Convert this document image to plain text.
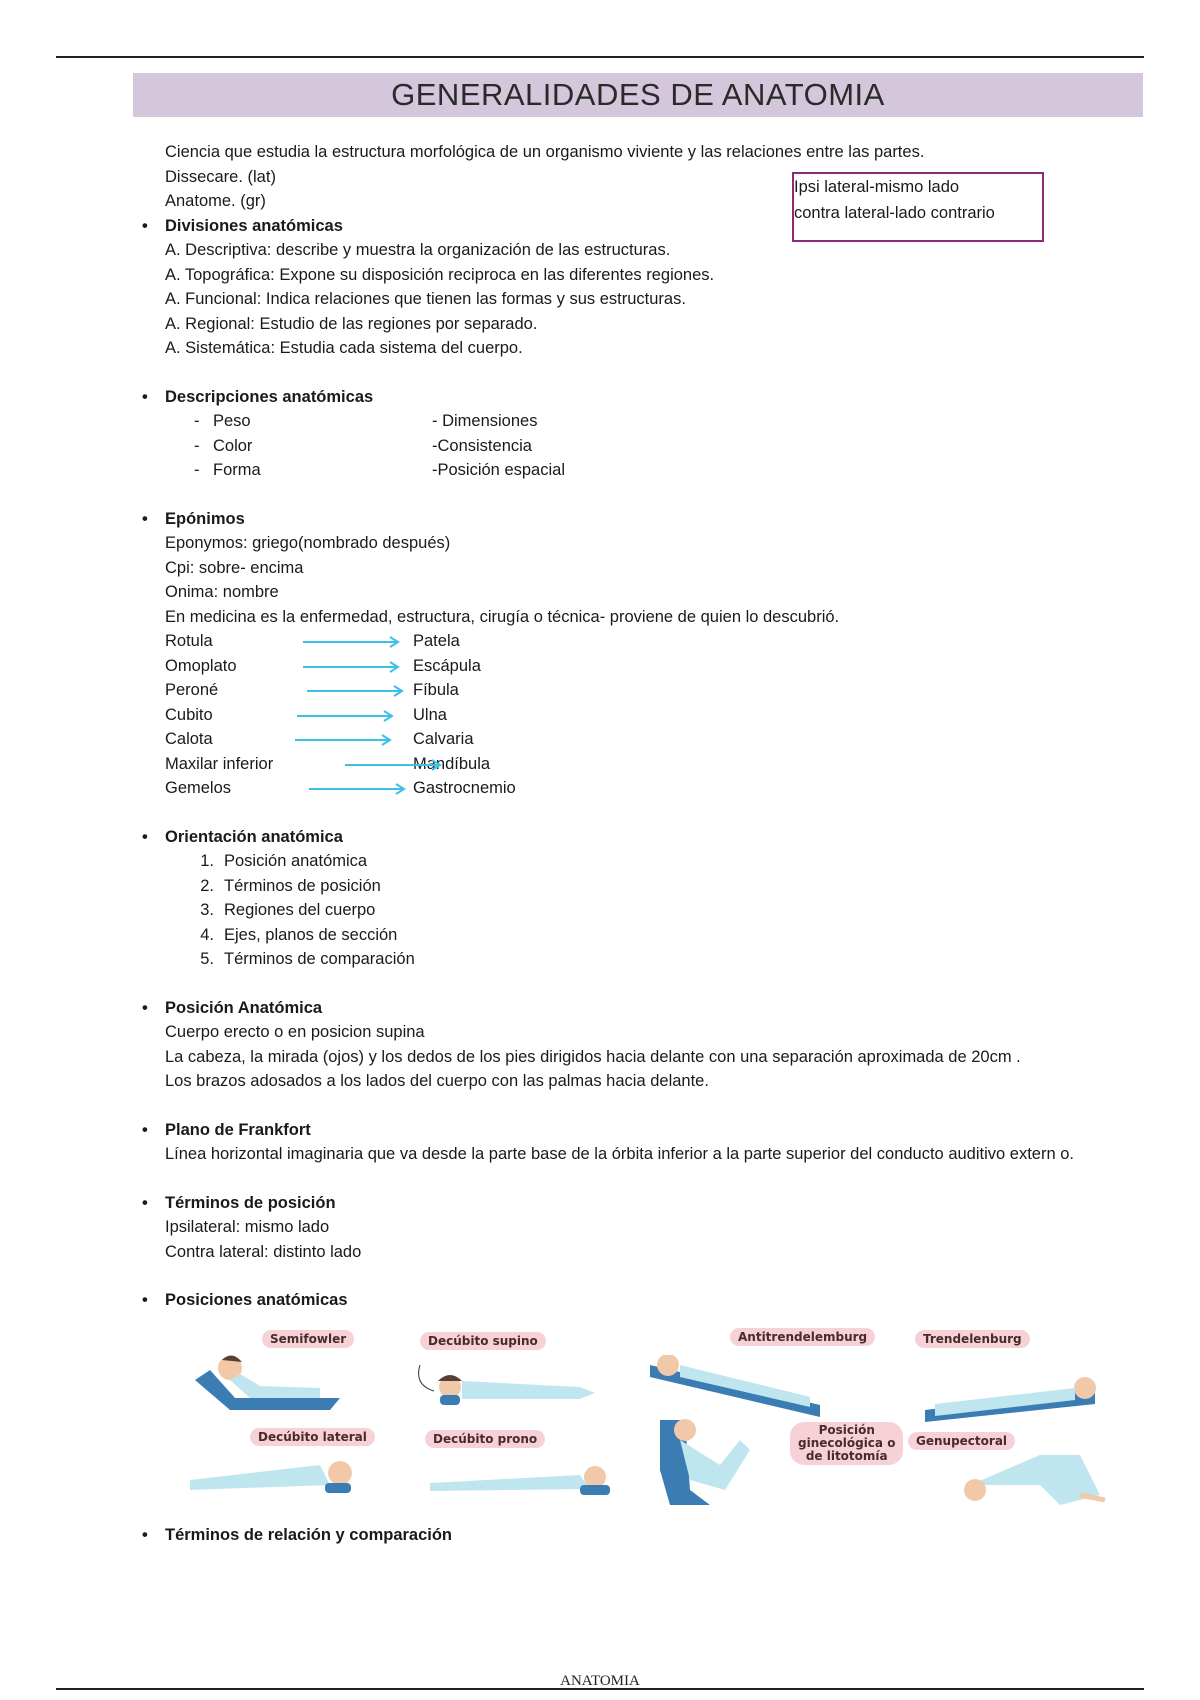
GENERALIDADES DE ANATOMIA
Ipsi lateral-mismo lado
contra lateral-lado contrario
Ciencia que estudia la estructura morfológica de un organismo viviente y las relaciones entre las partes.
Dissecare. (lat)
Anatome. (gr)
• Divisiones anatómicas
A. Descriptiva: describe y muestra la organización de las estructuras.
A. Topográfica: Expone su disposición reciproca en las diferentes regiones.
A. Funcional: Indica relaciones que tienen las formas y sus estructuras.
A. Regional: Estudio de las regiones por separado.
A. Sistemática: Estudia cada sistema del cuerpo.
• Descripciones anatómicas
- Peso	- Dimensiones
- Color	-Consistencia
- Forma	-Posición espacial
• Epónimos
Eponymos: griego(nombrado después)
Cpi: sobre- encima
Onima: nombre
En medicina es la enfermedad, estructura, cirugía o técnica- proviene de quien lo descubrió.
Rotula	Patela
Omoplato	Escápula
Peroné	Fíbula
Cubito	Ulna
Calota	Calvaria
Maxilar inferior	Mandíbula
Gemelos	Gastrocnemio
• Orientación anatómica
1. Posición anatómica
2. Términos de posición
3. Regiones del cuerpo
4. Ejes, planos de sección
5. Términos de comparación
• Posición Anatómica
Cuerpo erecto o en posicion supina
La cabeza, la mirada (ojos) y los dedos de los pies dirigidos hacia delante con una separación aproximada de 20cm .
Los brazos adosados a los lados del cuerpo con las palmas hacia delante.
• Plano de Frankfort
Línea horizontal imaginaria que va desde la parte base de la órbita inferior a la parte superior del conducto auditivo extern o.
• Términos de posición
Ipsilateral: mismo lado
Contra lateral: distinto lado
• Posiciones anatómicas
Semifowler	Decúbito supino	Antitrendelemburg	Trendelenburg
Decúbito lateral	Decúbito prono
Posición
ginecológica o
de litotomía
Genupectoral
• Términos de relación y comparación
ANATOMIA
